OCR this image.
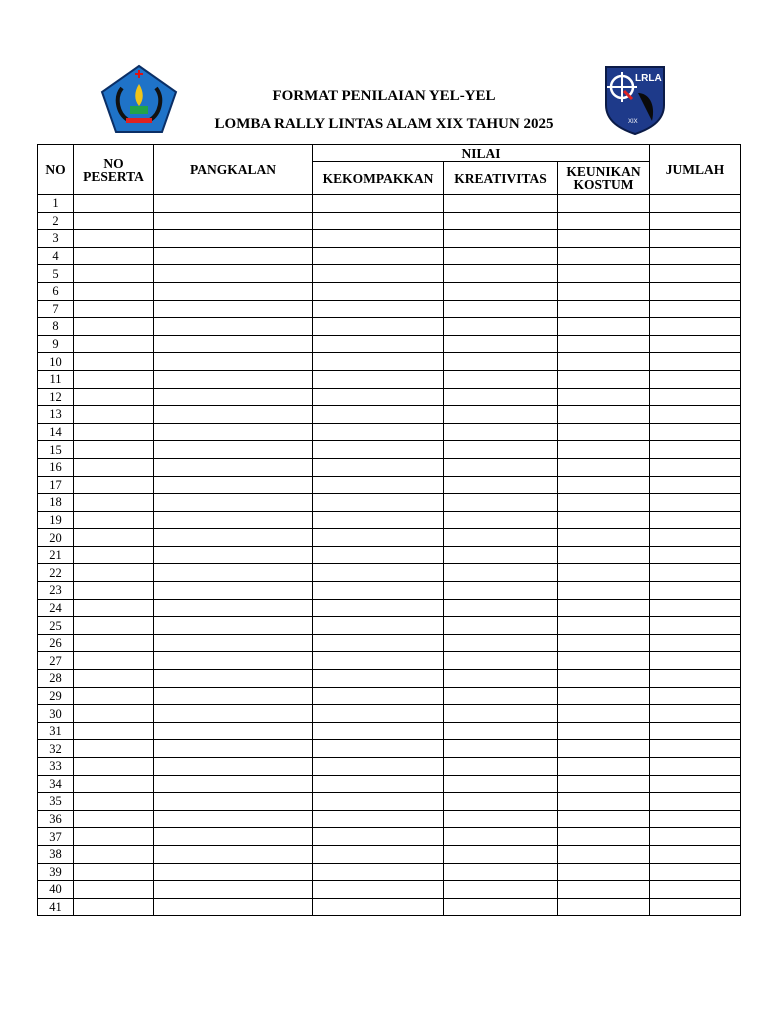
LRLA
XIX
FORMAT PENILAIAN YEL-YEL
LOMBA RALLY LINTAS ALAM XIX TAHUN 2025
NO	NO PESERTA	PANGKALAN	NILAI			JUMLAH
			KEKOMPAKKAN	KREATIVITAS	KEUNIKAN KOSTUM	
1						
2						
3						
4						
5						
6						
7						
8						
9						
10						
11						
12						
13						
14						
15						
16						
17						
18						
19						
20						
21						
22						
23						
24						
25						
26						
27						
28						
29						
30						
31						
32						
33						
34						
35						
36						
37						
38						
39						
40						
41						
